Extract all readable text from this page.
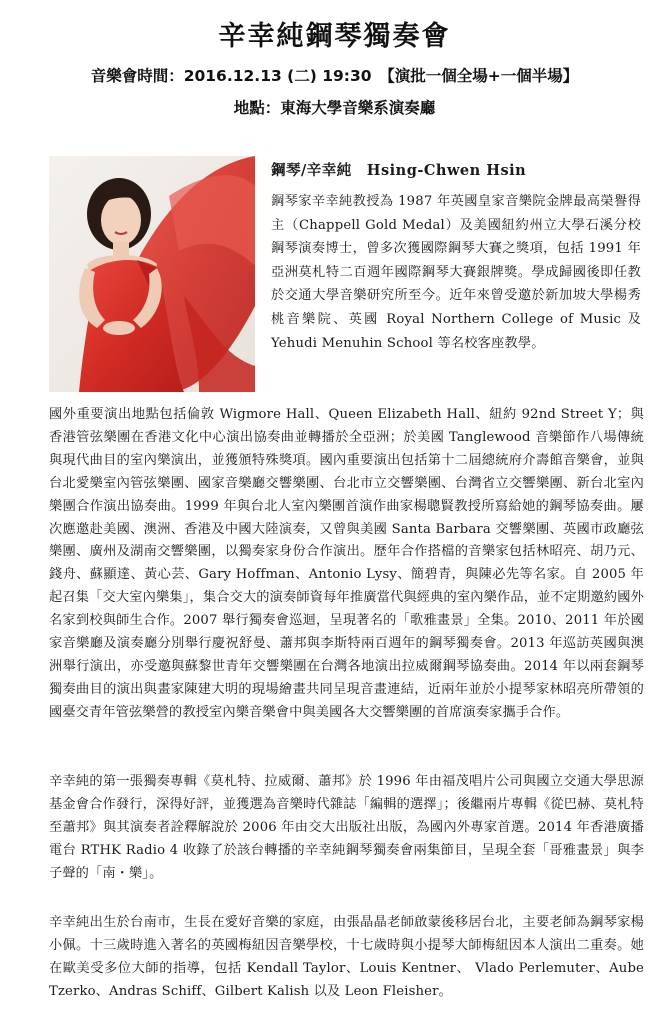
辛幸純鋼琴獨奏會
音樂會時間：2016.12.13 (二) 19:30　【演批一個全場+一個半場】
地點：東海大學音樂系演奏廳
鋼琴/辛幸純　Hsing-Chwen Hsin
鋼琴家辛幸純教授為 1987 年英國皇家音樂院金牌最高榮譽得主（Chappell Gold Medal）及美國紐約州立大學石溪分校鋼琴演奏博士，曾多次獲國際鋼琴大賽之獎項，包括 1991 年亞洲莫札特二百週年國際鋼琴大賽銀牌獎。學成歸國後即任教於交通大學音樂研究所至今。近年來曾受邀於新加坡大學楊秀桃音樂院、英國 Royal Northern College of Music 及 Yehudi Menuhin School 等名校客座教學。
國外重要演出地點包括倫敦 Wigmore Hall、Queen Elizabeth Hall、紐約 92nd Street Y；與香港管弦樂團在香港文化中心演出協奏曲並轉播於全亞洲；於美國 Tanglewood 音樂節作八場傳統與現代曲目的室內樂演出，並獲頒特殊獎項。國內重要演出包括第十二屆總統府介壽館音樂會，並與台北愛樂室內管弦樂團、國家音樂廳交響樂團、台北市立交響樂團、台灣省立交響樂團、新台北室內樂團合作演出協奏曲。1999 年與台北人室內樂團首演作曲家楊聰賢教授所寫給她的鋼琴協奏曲。屢次應邀赴美國、澳洲、香港及中國大陸演奏，又曾與美國 Santa Barbara 交響樂團、英國市政廳弦樂團、廣州及湖南交響樂團，以獨奏家身份合作演出。歷年合作搭檔的音樂家包括林昭亮、胡乃元、錢舟、蘇顯達、黃心芸、Gary Hoffman、Antonio Lysy、簡碧青，與陳必先等名家。自 2005 年起召集「交大室內樂集」，集合交大的演奏師資每年推廣當代與經典的室內樂作品，並不定期邀約國外名家到校與師生合作。2007 舉行獨奏會巡迴，呈現著名的「歌雅畫景」全集。2010、2011 年於國家音樂廳及演奏廳分別舉行慶祝舒曼、蕭邦與李斯特兩百週年的鋼琴獨奏會。2013 年巡訪英國與澳洲舉行演出，亦受邀與蘇黎世青年交響樂團在台灣各地演出拉威爾鋼琴協奏曲。2014 年以兩套鋼琴獨奏曲目的演出與畫家陳建大明的現場繪畫共同呈現音畫連結，近兩年並於小提琴家林昭亮所帶領的國臺交青年管弦樂營的教授室內樂音樂會中與美國各大交響樂團的首席演奏家攜手合作。
辛幸純的第一張獨奏專輯《莫札特、拉威爾、蕭邦》於 1996 年由福茂唱片公司與國立交通大學思源基金會合作發行，深得好評，並獲選為音樂時代雜誌「編輯的選擇」；後繼兩片專輯《從巴赫、莫札特至蕭邦》與其演奏者詮釋解說於 2006 年由交大出版社出版，為國內外專家首選。2014 年香港廣播電台 RTHK Radio 4 收錄了於該台轉播的辛幸純鋼琴獨奏會兩集節目，呈現全套「哥雅畫景」與李子聲的「南・樂」。
辛幸純出生於台南市，生長在愛好音樂的家庭，由張晶晶老師啟蒙後移居台北，主要老師為鋼琴家楊小佩。十三歲時進入著名的英國梅紐因音樂學校，十七歲時與小提琴大師梅紐因本人演出二重奏。她在歐美受多位大師的指導，包括 Kendall Taylor、Louis Kentner、 Vlado Perlemuter、Aube Tzerko、Andras Schiff、Gilbert Kalish 以及 Leon Fleisher。
